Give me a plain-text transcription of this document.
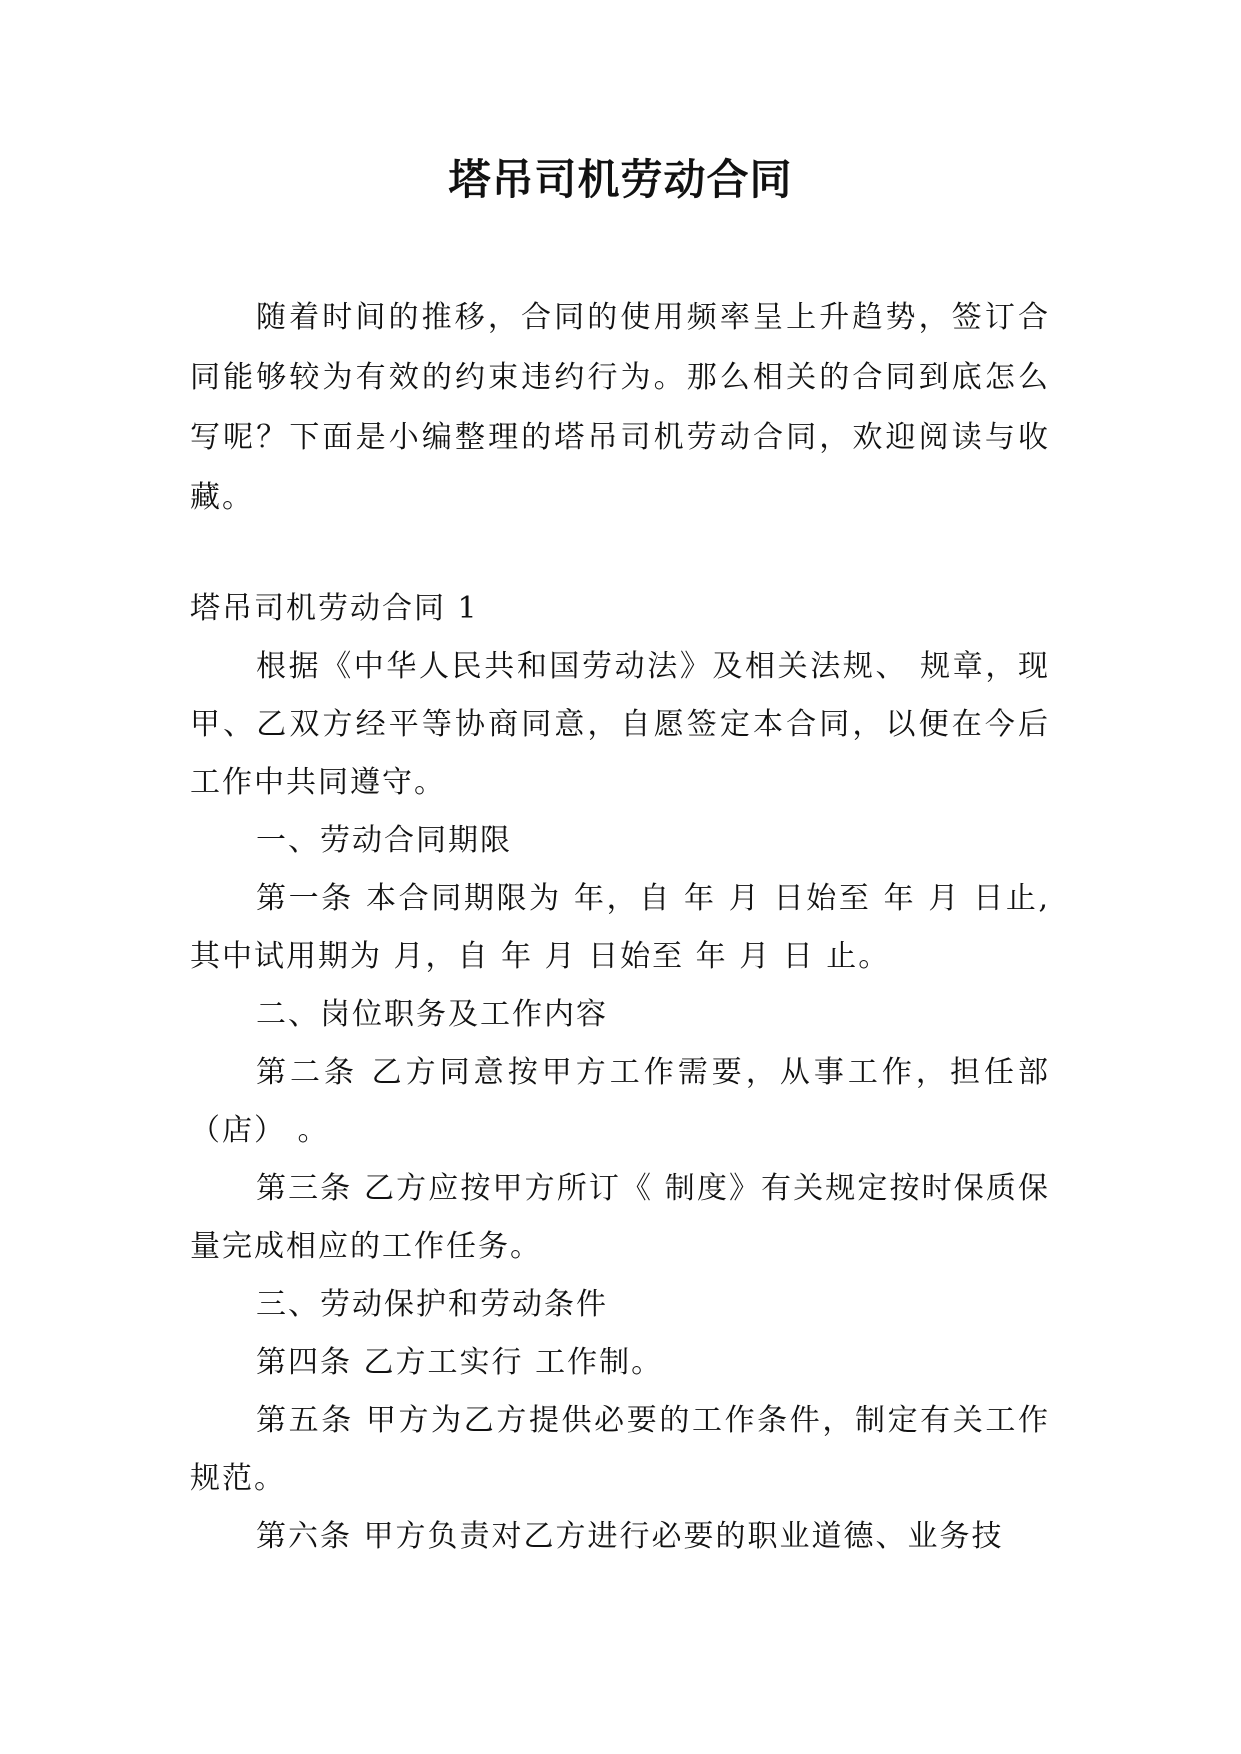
塔吊司机劳动合同

随着时间的推移，合同的使用频率呈上升趋势，签订合同能够较为有效的约束违约行为。那么相关的合同到底怎么写呢？下面是小编整理的塔吊司机劳动合同，欢迎阅读与收藏。

塔吊司机劳动合同 1

根据《中华人民共和国劳动法》及相关法规、 规章，现甲、乙双方经平等协商同意，自愿签定本合同，以便在今后工作中共同遵守。

一、劳动合同期限

第一条 本合同期限为 年，自 年 月 日始至 年 月 日止,其中试用期为 月，自 年 月 日始至 年 月 日 止。

二、岗位职务及工作内容

第二条 乙方同意按甲方工作需要，从事工作，担任部（店） 。

第三条 乙方应按甲方所订《 制度》有关规定按时保质保量完成相应的工作任务。

三、劳动保护和劳动条件

第四条 乙方工实行 工作制。

第五条 甲方为乙方提供必要的工作条件，制定有关工作规范。

第六条 甲方负责对乙方进行必要的职业道德、业务技
